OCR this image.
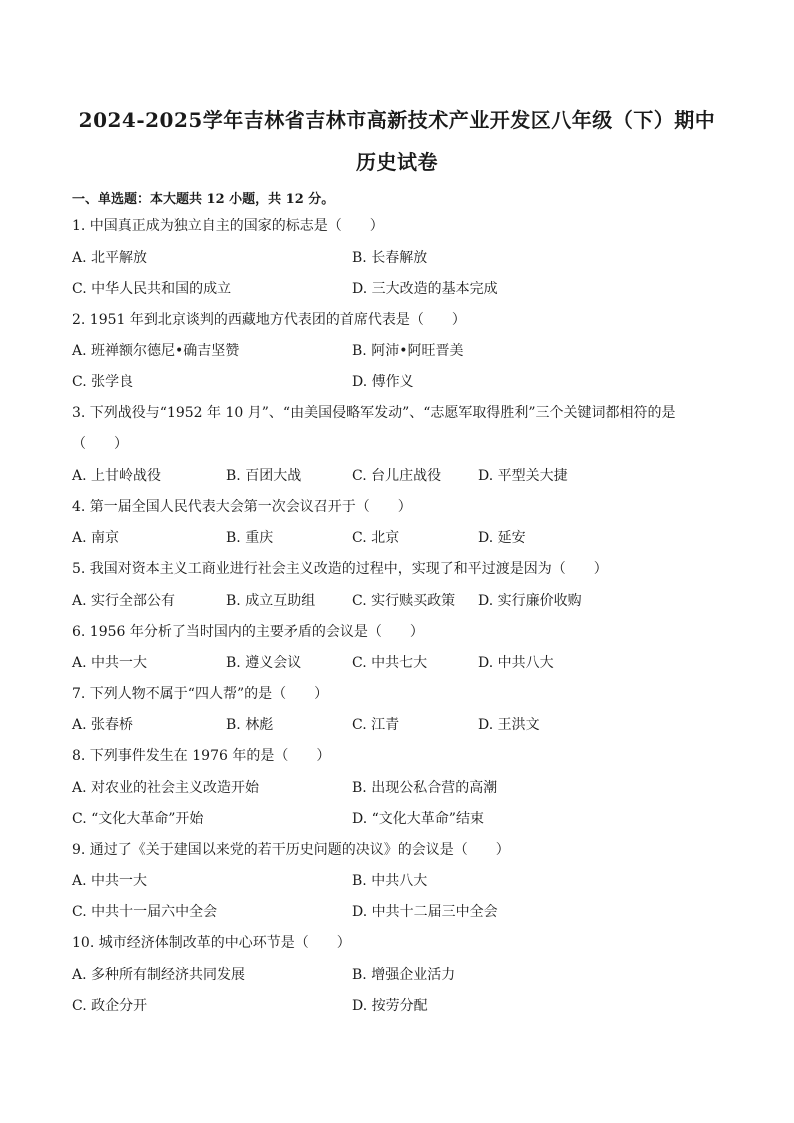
2024-2025学年吉林省吉林市高新技术产业开发区八年级（下）期中
历史试卷
一、单选题：本大题共 12 小题，共 12 分。
1. 中国真正成为独立自主的国家的标志是（　　）
A. 北平解放	B. 长春解放
C. 中华人民共和国的成立	D. 三大改造的基本完成
2. 1951 年到北京谈判的西藏地方代表团的首席代表是（　　）
A. 班禅额尔德尼•确吉坚赞	B. 阿沛•阿旺晋美
C. 张学良	D. 傅作义
3. 下列战役与“1952 年 10 月”、“由美国侵略军发动”、“志愿军取得胜利”三个关键词都相符的是
（　　）
A. 上甘岭战役	B. 百团大战	C. 台儿庄战役	D. 平型关大捷
4. 第一届全国人民代表大会第一次会议召开于（　　）
A. 南京	B. 重庆	C. 北京	D. 延安
5. 我国对资本主义工商业进行社会主义改造的过程中，实现了和平过渡是因为（　　）
A. 实行全部公有	B. 成立互助组	C. 实行赎买政策 D. 实行廉价收购
6. 1956 年分析了当时国内的主要矛盾的会议是（　　）
A. 中共一大	B. 遵义会议	C. 中共七大	D. 中共八大
7. 下列人物不属于“四人帮”的是（　　）
A. 张春桥	B. 林彪	C. 江青	D. 王洪文
8. 下列事件发生在 1976 年的是（　　）
A. 对农业的社会主义改造开始	B. 出现公私合营的高潮
C. “文化大革命”开始	D. “文化大革命”结束
9. 通过了《关于建国以来党的若干历史问题的决议》的会议是（　　）
A. 中共一大	B. 中共八大
C. 中共十一届六中全会	D. 中共十二届三中全会
10. 城市经济体制改革的中心环节是（　　）
A. 多种所有制经济共同发展	B. 增强企业活力
C. 政企分开	D. 按劳分配
